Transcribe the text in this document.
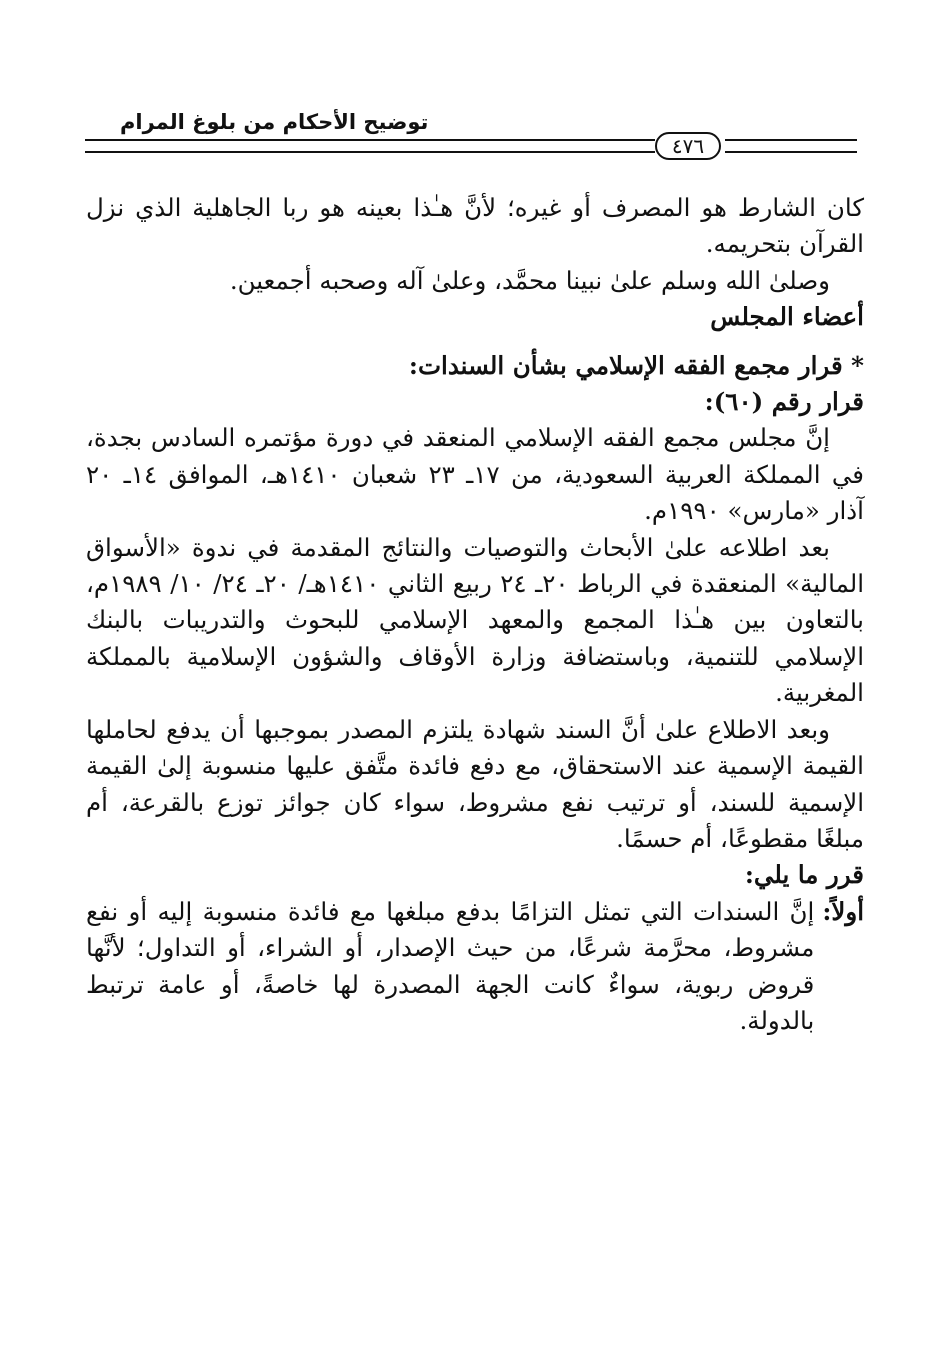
توضيح الأحكام من بلوغ المرام
٤٧٦

كان الشارط هو المصرف أو غيره؛ لأنَّ هـٰذا بعينه هو ربا الجاهلية الذي نزل القرآن بتحريمه.

وصلىٰ الله وسلم علىٰ نبينا محمَّد، وعلىٰ آله وصحبه أجمعين.

أعضاء المجلس

* قرار مجمع الفقه الإسلامي بشأن السندات:

قرار رقم (٦٠):

إنَّ مجلس مجمع الفقه الإسلامي المنعقد في دورة مؤتمره السادس بجدة، في المملكة العربية السعودية، من ١٧ـ ٢٣ شعبان ١٤١٠هـ، الموافق ١٤ـ ٢٠ آذار «مارس» ١٩٩٠م.

بعد اطلاعه علىٰ الأبحاث والتوصيات والنتائج المقدمة في ندوة «الأسواق المالية» المنعقدة في الرباط ٢٠ـ ٢٤ ربيع الثاني ١٤١٠هـ/ ٢٠ـ ٢٤/ ١٠/ ١٩٨٩م، بالتعاون بين هـٰذا المجمع والمعهد الإسلامي للبحوث والتدريبات بالبنك الإسلامي للتنمية، وباستضافة وزارة الأوقاف والشؤون الإسلامية بالمملكة المغربية.

وبعد الاطلاع علىٰ أنَّ السند شهادة يلتزم المصدر بموجبها أن يدفع لحاملها القيمة الإسمية عند الاستحقاق، مع دفع فائدة متَّفق عليها منسوبة إلىٰ القيمة الإسمية للسند، أو ترتيب نفع مشروط، سواء كان جوائز توزع بالقرعة، أم مبلغًا مقطوعًا، أم حسمًا.

قرر ما يلي:

أولاً:
إنَّ السندات التي تمثل التزامًا بدفع مبلغها مع فائدة منسوبة إليه أو نفع مشروط، محرَّمة شرعًا، من حيث الإصدار، أو الشراء، أو التداول؛ لأنَّها قروض ربوية، سواءٌ كانت الجهة المصدرة لها خاصةً، أو عامة ترتبط بالدولة.
